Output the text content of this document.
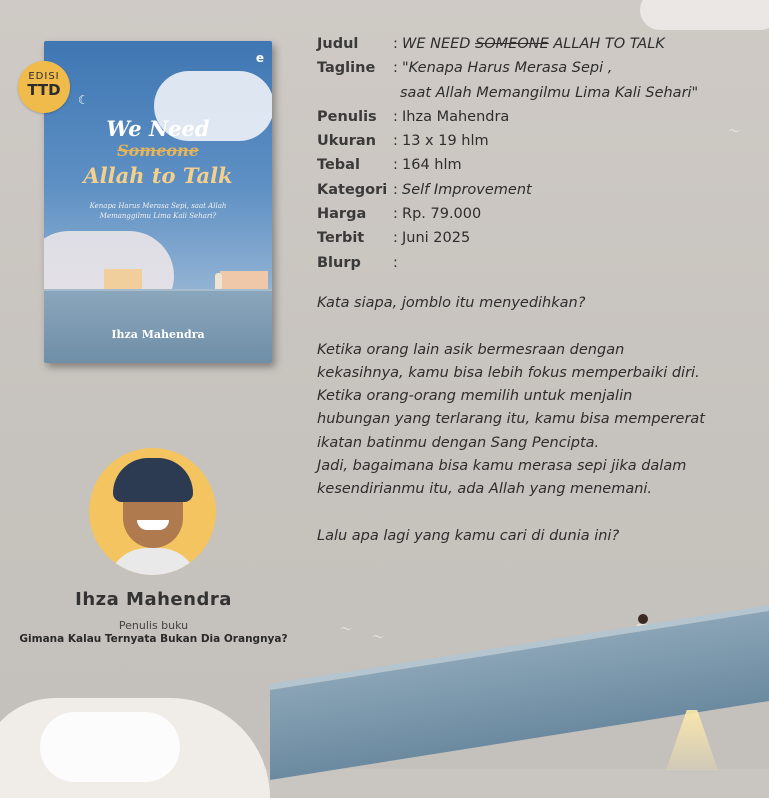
e
☾
We Need
Someone
Allah to Talk
Kenapa Harus Merasa Sepi, saat Allah Memanggilmu Lima Kali Sehari?
Ihza Mahendra
EDISI
TTD
Judul : WE NEED SOMEONE ALLAH TO TALK
Tagline : "Kenapa Harus Merasa Sepi ,
saat Allah Memangilmu Lima Kali Sehari"
Penulis : Ihza Mahendra
Ukuran : 13 x 19 hlm
Tebal : 164 hlm
Kategori : Self Improvement
Harga : Rp. 79.000
Terbit : Juni 2025
Blurp :

Kata siapa, jomblo itu menyedihkan?

Ketika orang lain asik bermesraan dengan

kekasihnya, kamu bisa lebih fokus memperbaiki diri.

Ketika orang-orang memilih untuk menjalin

hubungan yang terlarang itu, kamu bisa mempererat

ikatan batinmu dengan Sang Pencipta.

Jadi, bagaimana bisa kamu merasa sepi jika dalam

kesendirianmu itu, ada Allah yang menemani.

Lalu apa lagi yang kamu cari di dunia ini?

Ihza Mahendra
Penulis buku
Gimana Kalau Ternyata Bukan Dia Orangnya?
〜
〜
〜
